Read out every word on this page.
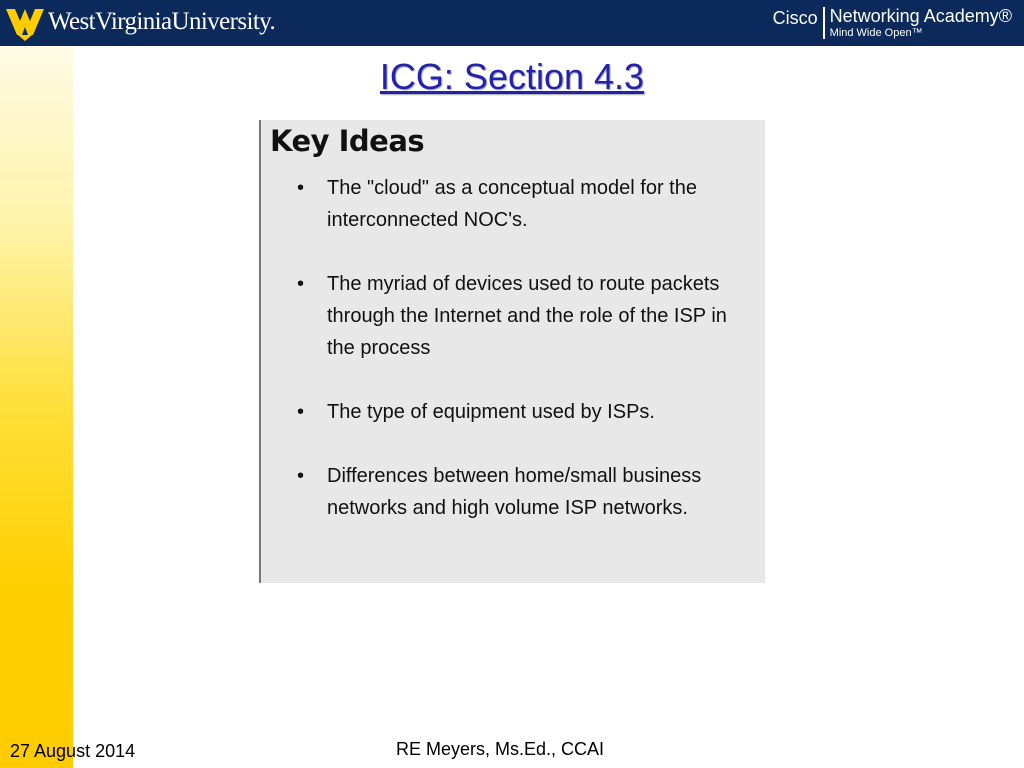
WestVirginiaUniversity.	Cisco Networking Academy®
Mind Wide Open™
ICG: Section 4.3
Key Ideas
• The "cloud" as a conceptual model for the interconnected NOC's.
• The myriad of devices used to route packets through the Internet and the role of the ISP in the process
• The type of equipment used by ISPs.
• Differences between home/small business networks and high volume ISP networks.
27 August 2014	RE Meyers, Ms.Ed., CCAI
